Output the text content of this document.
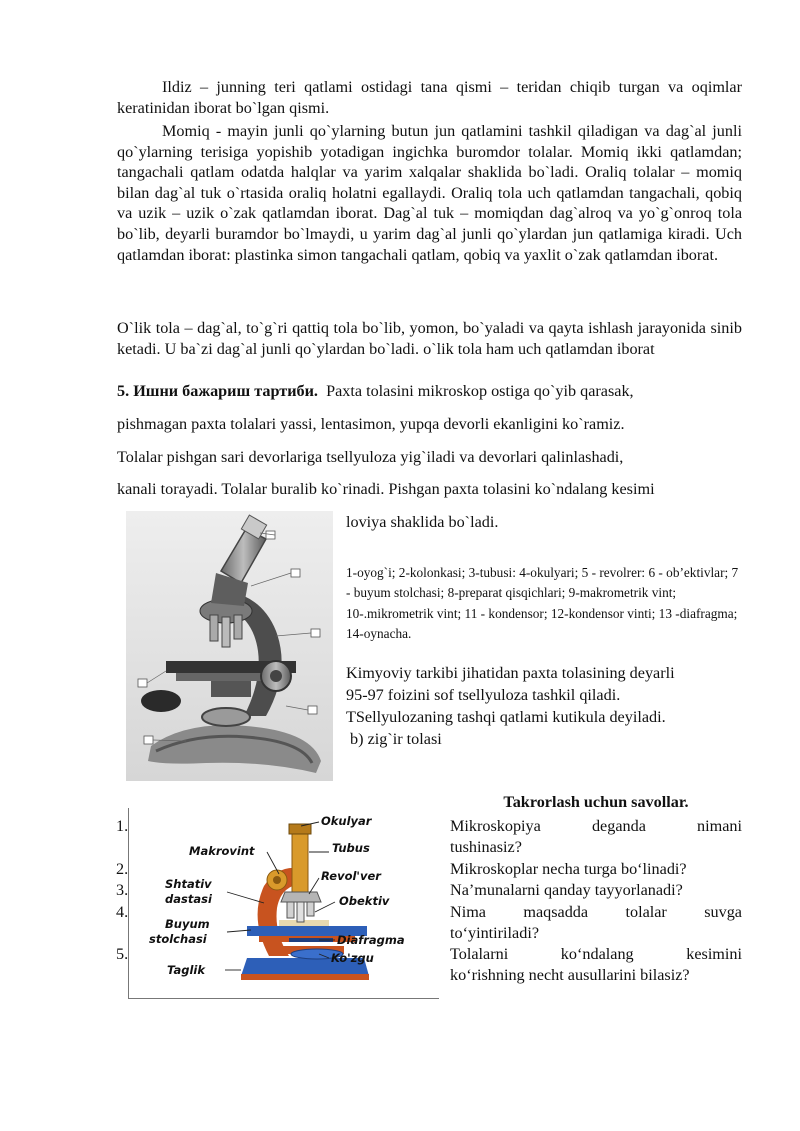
Ildiz – junning teri qatlami ostidagi tana qismi – teridan chiqib turgan va oqimlar keratinidan iborat bo`lgan qismi.

Momiq - mayin junli qo`ylarning butun jun qatlamini tashkil qiladigan va dag`al junli qo`ylarning terisiga yopishib yotadigan ingichka buromdor tolalar. Momiq ikki qatlamdan; tangachali qatlam odatda halqlar va yarim xalqalar shaklida bo`ladi. Oraliq tolalar – momiq bilan dag`al tuk o`rtasida oraliq holatni egallaydi. Oraliq tola uch qatlamdan tangachali, qobiq va uzik – uzik o`zak qatlamdan iborat. Dag`al tuk – momiqdan dag`alroq va yo`g`onroq tola bo`lib, deyarli buramdor bo`lmaydi, u yarim dag`al junli qo`ylardan jun qatlamiga kiradi. Uch qatlamdan iborat: plastinka simon tangachali qatlam, qobiq va yaxlit o`zak qatlamdan iborat.

O`lik tola – dag`al, to`g`ri qattiq tola bo`lib, yomon, bo`yaladi va qayta ishlash jarayonida sinib ketadi. U ba`zi dag`al junli qo`ylardan bo`ladi. o`lik tola ham uch qatlamdan iborat

5. Ишни бажариш тартиби. Paxta tolasini mikroskop ostiga qo`yib qarasak,

pishmagan paxta tolalari yassi, lentasimon, yupqa devorli ekanligini ko`ramiz.

Tolalar pishgan sari devorlariga tsellyuloza yig`iladi va devorlari qalinlashadi,

kanali torayadi. Tolalar buralib ko`rinadi. Pishgan paxta tolasini ko`ndalang kesimi

loviya shaklida bo`ladi.

1-oyog`i; 2-kolonkasi; 3-tubusi: 4-okulyari; 5 - revolrer: 6 - ob’ektivlar; 7 - buyum stolchasi; 8-preparat qisqichlari; 9-makrometrik vint; 10-.mikrometrik vint; 11 - kondensor; 12-kondensor vinti; 13 -diafragma; 14-oynacha.

Kimyoviy tarkibi jihatidan paxta tolasining deyarli

95-97 foizini sof tsellyuloza tashkil qiladi.

TSellyulozaning tashqi qatlami kutikula deyiladi.

b) zig`ir tolasi

Okulyar
Makrovint	Tubus
Revol'ver
Shtativ
dastasi	Obektiv
Buyum
stolchasi	Diafragma
Ko'zgu
Taglik

1.

2.

3.

4.

5.

Takrorlash uchun savollar.

Mikroskopiya deganda nimani

tushinasiz?

Mikroskoplar necha turga bo‘linadi?

Na’munalarni qanday tayyorlanadi?

Nima maqsadda tolalar suvga

to‘yintiriladi?

Tolalarni ko‘ndalang kesimini

ko‘rishning necht ausullarini bilasiz?
